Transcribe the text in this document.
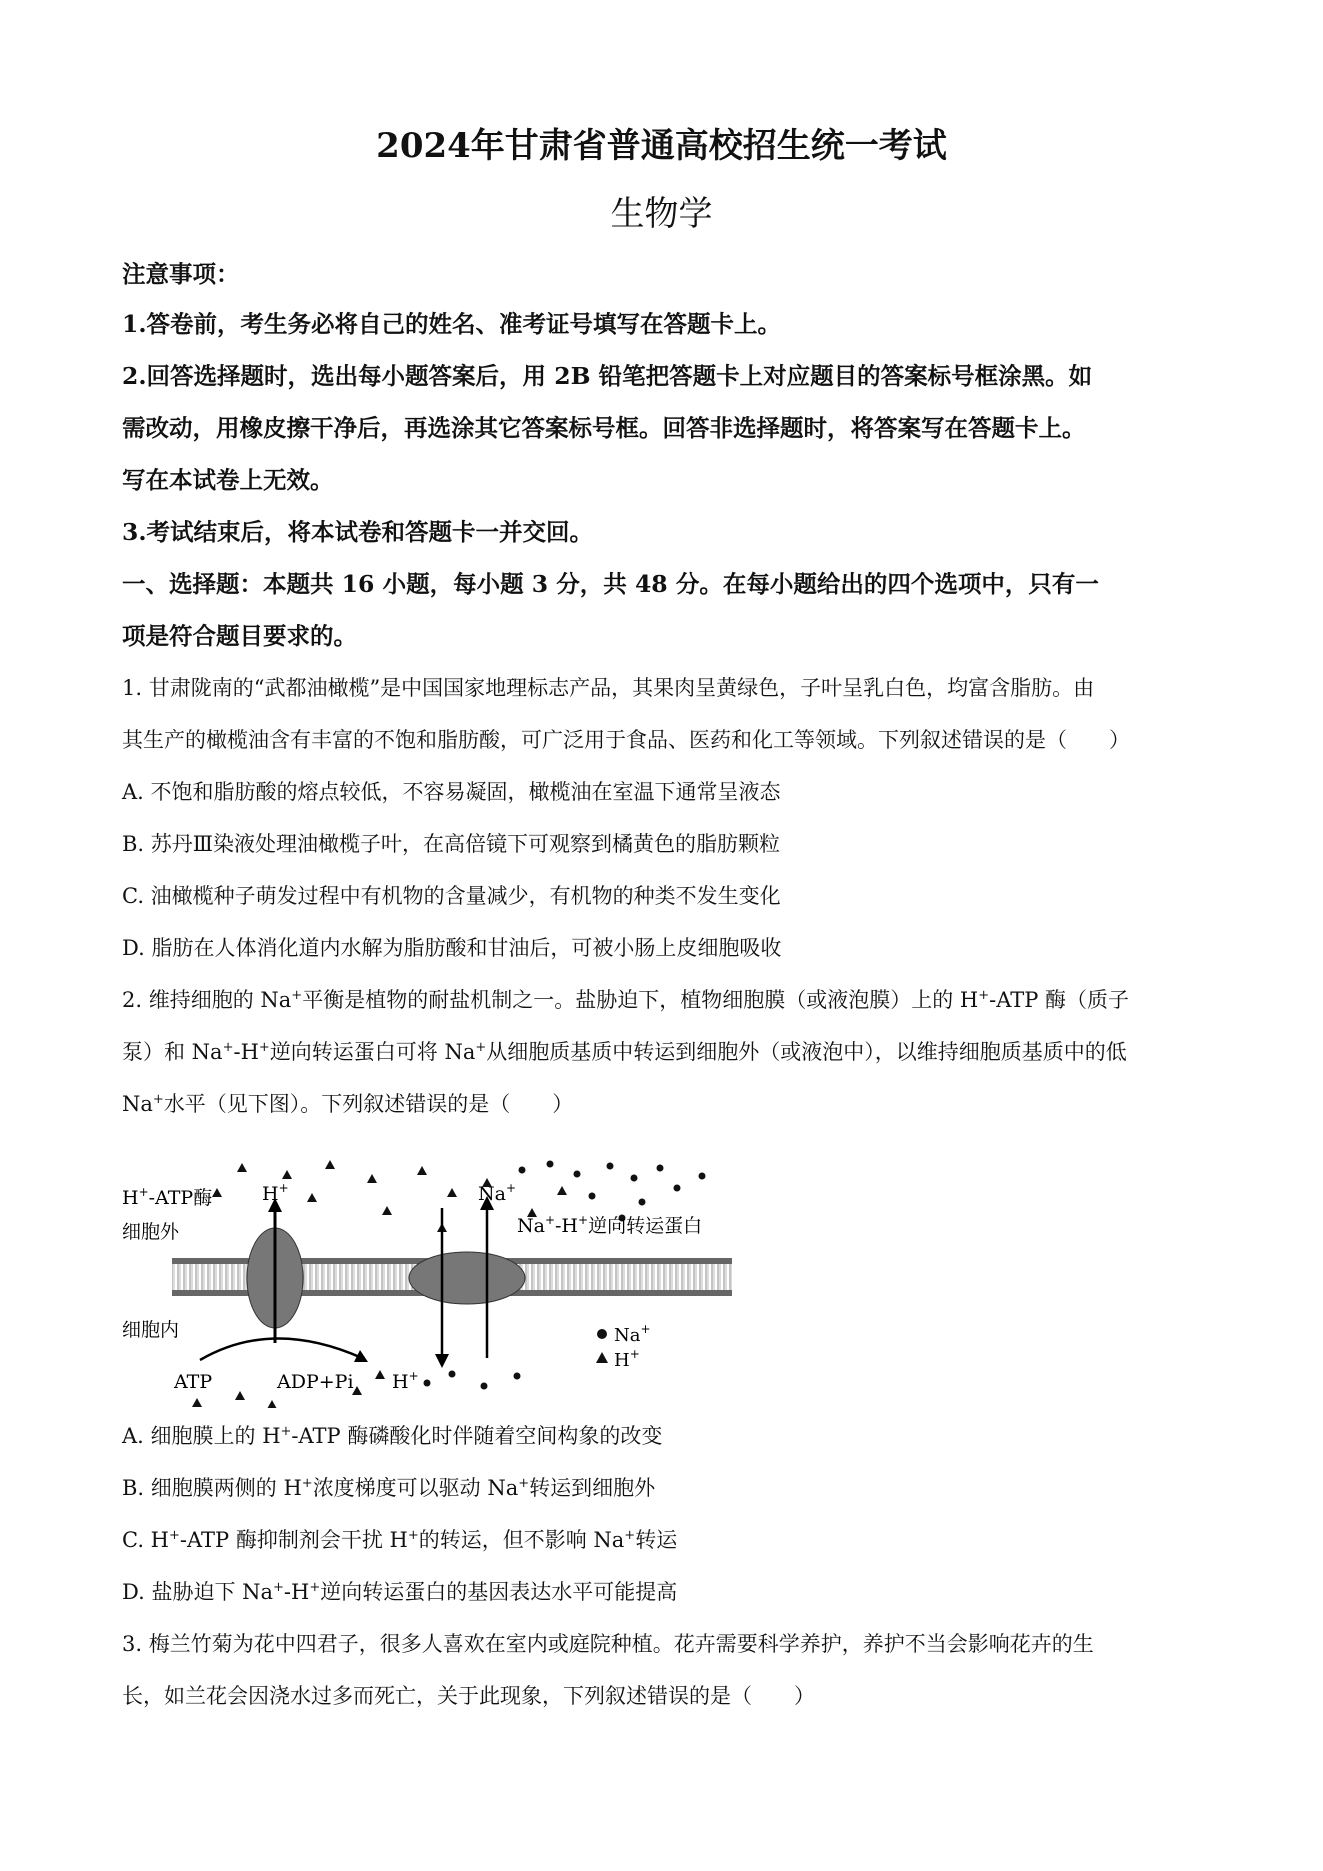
2024年甘肃省普通高校招生统一考试
生物学
注意事项：
1.答卷前，考生务必将自己的姓名、准考证号填写在答题卡上。
2.回答选择题时，选出每小题答案后，用 2B 铅笔把答题卡上对应题目的答案标号框涂黑。如
需改动，用橡皮擦干净后，再选涂其它答案标号框。回答非选择题时，将答案写在答题卡上。
写在本试卷上无效。
3.考试结束后，将本试卷和答题卡一并交回。
一、选择题：本题共 16 小题，每小题 3 分，共 48 分。在每小题给出的四个选项中，只有一
项是符合题目要求的。
1. 甘肃陇南的“武都油橄榄”是中国国家地理标志产品，其果肉呈黄绿色，子叶呈乳白色，均富含脂肪。由
其生产的橄榄油含有丰富的不饱和脂肪酸，可广泛用于食品、医药和化工等领域。下列叙述错误的是（　　）
A. 不饱和脂肪酸的熔点较低，不容易凝固，橄榄油在室温下通常呈液态
B. 苏丹Ⅲ染液处理油橄榄子叶，在高倍镜下可观察到橘黄色的脂肪颗粒
C. 油橄榄种子萌发过程中有机物的含量减少，有机物的种类不发生变化
D. 脂肪在人体消化道内水解为脂肪酸和甘油后，可被小肠上皮细胞吸收
2. 维持细胞的 Na+平衡是植物的耐盐机制之一。盐胁迫下，植物细胞膜（或液泡膜）上的 H+-ATP 酶（质子
泵）和 Na+-H+逆向转运蛋白可将 Na+从细胞质基质中转运到细胞外（或液泡中），以维持细胞质基质中的低
Na+水平（见下图）。下列叙述错误的是（　　）
H+-ATP酶
细胞外
细胞内
H+	Na+
Na+-H+逆向转运蛋白
ATP	ADP+Pi H+
Na+
H+
A. 细胞膜上的 H+-ATP 酶磷酸化时伴随着空间构象的改变
B. 细胞膜两侧的 H+浓度梯度可以驱动 Na+转运到细胞外
C. H+-ATP 酶抑制剂会干扰 H+的转运，但不影响 Na+转运
D. 盐胁迫下 Na+-H+逆向转运蛋白的基因表达水平可能提高
3. 梅兰竹菊为花中四君子，很多人喜欢在室内或庭院种植。花卉需要科学养护，养护不当会影响花卉的生
长，如兰花会因浇水过多而死亡，关于此现象，下列叙述错误的是（　　）
